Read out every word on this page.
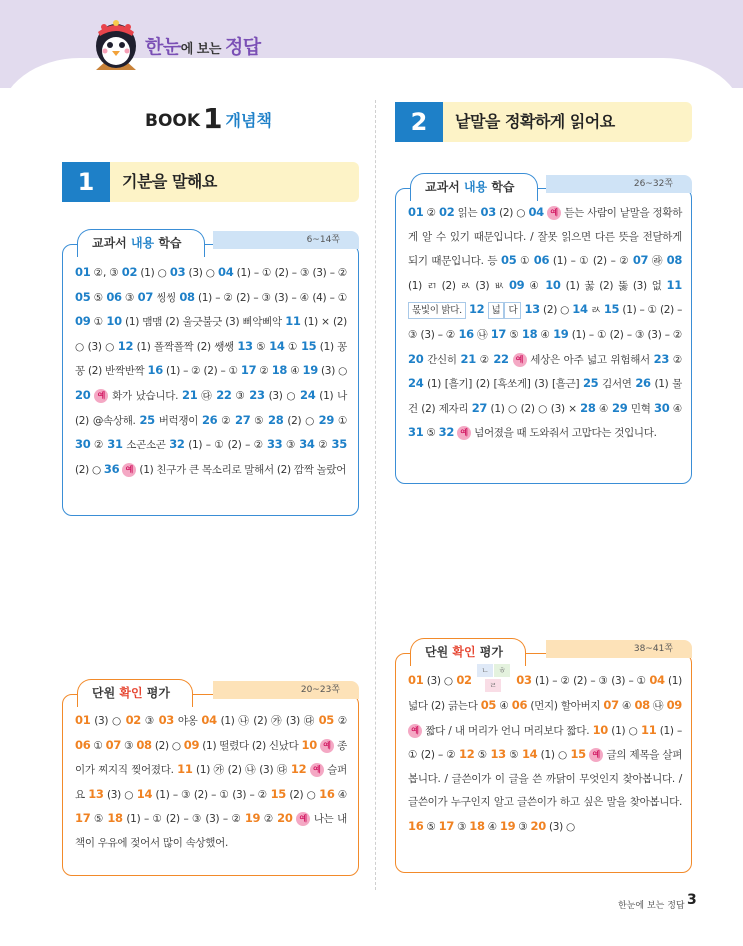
한눈에 보는 정답
BOOK 1 개념책
1	기분을 말해요
2	낱말을 정확하게 읽어요
6~14쪽
교과서 내용 학습
01 ②, ③ 02 (1) ○ 03 (3) ○ 04 (1) – ① (2) – ③ (3) – ② 05 ⑤ 06 ③ 07 씽씽 08 (1) – ② (2) – ③ (3) – ④ (4) – ① 09 ① 10 (1) 맴맴 (2) 울긋불긋 (3) 삐악삐악 11 (1) × (2) ○ (3) ○ 12 (1) 폴짝폴짝 (2) 쌩쌩 13 ⑤ 14 ① 15 (1) 꽁꽁 (2) 반짝반짝 16 (1) – ② (2) – ① 17 ② 18 ④ 19 (3) ○ 20 예 화가 났습니다. 21 ㉰ 22 ③ 23 (3) ○ 24 (1) 나 (2) @속상해. 25 버럭쟁이 26 ② 27 ⑤ 28 (2) ○ 29 ① 30 ② 31 소곤소곤 32 (1) – ① (2) – ② 33 ③ 34 ② 35 (2) ○ 36 예 (1) 친구가 큰 목소리로 말해서 (2) 깜짝 놀랐어
20~23쪽
단원 확인 평가
01 (3) ○ 02 ③ 03 야옹 04 (1) ㉯ (2) ㉮ (3) ㉰ 05 ② 06 ① 07 ③ 08 (2) ○ 09 (1) 떨렸다 (2) 신났다 10 예 종이가 찌지직 찢어졌다. 11 (1) ㉮ (2) ㉯ (3) ㉰ 12 예 슬퍼요 13 (3) ○ 14 (1) – ③ (2) – ① (3) – ② 15 (2) ○ 16 ④ 17 ⑤ 18 (1) – ① (2) – ③ (3) – ② 19 ② 20 예 나는 내 책이 우유에 젖어서 많이 속상했어.
26~32쪽
교과서 내용 학습
01 ② 02 읽는 03 (2) ○ 04 예 듣는 사람이 낱말을 정확하게 알 수 있기 때문입니다. / 잘못 읽으면 다른 뜻을 전달하게 되기 때문입니다. 등 05 ① 06 (1) – ① (2) – ② 07 ㉱ 08 (1) ㄺ (2) ㄽ (3) ㅄ 09 ④ 10 (1) 꿇 (2) 뚫 (3) 없 11 몫빛이 밝다. 12 넓 다 13 (2) ○ 14 ㄽ 15 (1) – ① (2) – ③ (3) – ② 16 ㉯ 17 ⑤ 18 ④ 19 (1) – ① (2) – ③ (3) – ② 20 간신히 21 ② 22 예 세상은 아주 넓고 위험해서 23 ② 24 (1) [흘기] (2) [흑쏘게] (3) [흘근] 25 김서연 26 (1) 물건 (2) 제자리 27 (1) ○ (2) ○ (3) × 28 ④ 29 민혁 30 ④ 31 ⑤ 32 예 넘어졌을 때 도와줘서 고맙다는 것입니다.
38~41쪽
단원 확인 평가
01 (3) ○ 02
ㄴ	ㅎ
ㄹ	03 (1) – ② (2) – ③ (3) – ① 04 (1) 넓다 (2) 긁는다 05 ④ 06 (먼지) 할아버지 07 ④ 08 ㉯ 09 예 짧다 / 내 머리가 언니 머리보다 짧다. 10 (1) ○ 11 (1) – ① (2) – ② 12 ⑤ 13 ⑤ 14 (1) ○ 15 예 글의 제목을 살펴봅니다. / 글쓴이가 이 글을 쓴 까닭이 무엇인지 찾아봅니다. / 글쓴이가 누구인지 알고 글쓴이가 하고 싶은 말을 찾아봅니다. 16 ⑤ 17 ③ 18 ④ 19 ③ 20 (3) ○
한눈에 보는 정답 3
